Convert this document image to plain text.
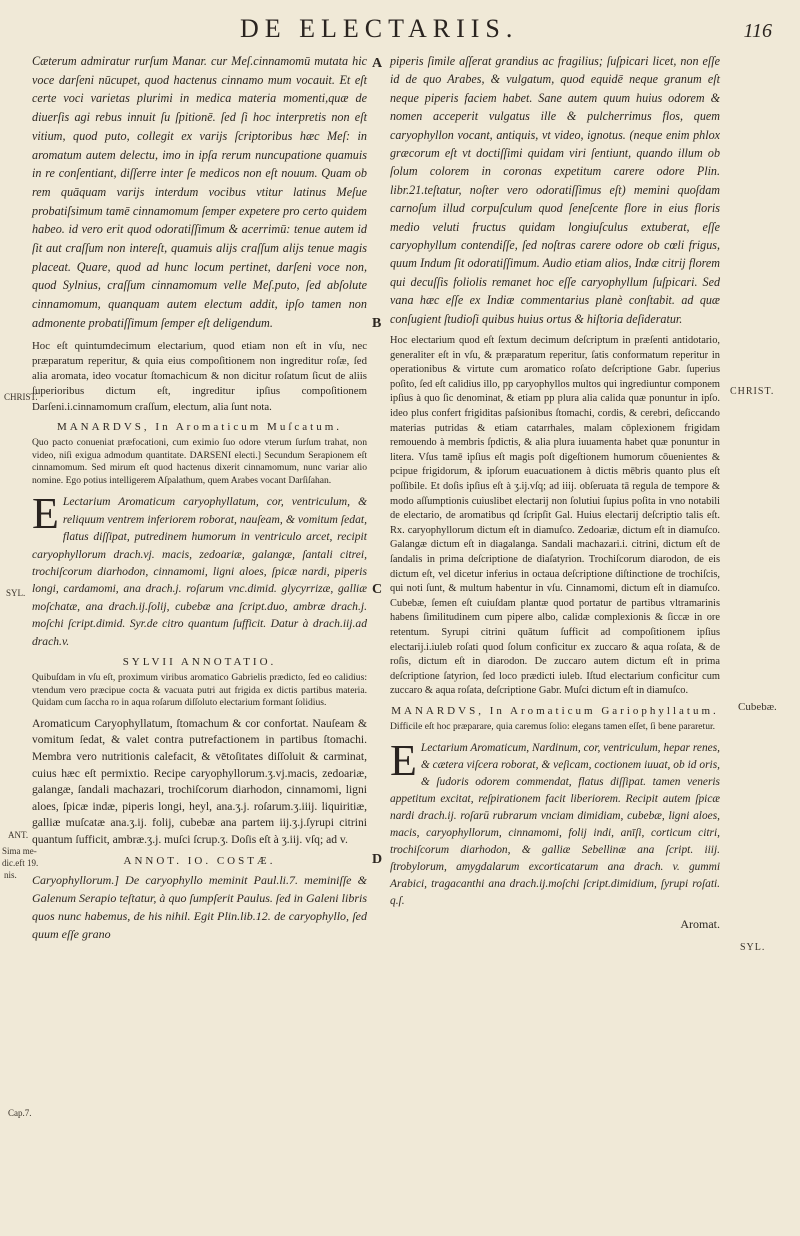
DE ELECTARIIS.	116
A
B
C
D
CHRIST.
SYL.
ANT.
Sima me-
dic.eft 19.
nis.
Cap.7.
CHRIST.
Cubebæ.
SYL.

Cæterum admiratur rurſum Manar. cur Meſ.cinnamomū mutata hic voce darſeni nūcupet, quod hactenus cinnamo mum vocauit. Et eſt certe voci varietas plurimi in medica materia momenti,quæ de diuerſis agi rebus innuit ſu ſpitionē. ſed ſi hoc interpretis non eſt vitium, quod puto, collegit ex varijs ſcriptoribus hæc Meſ: in aromatum autem delectu, imo in ipſa rerum nuncupatione quamuis in re conſentiant, diſſerre inter ſe medicos non eſt nouum. Quam ob rem quāquam varijs interdum vocibus vtitur latinus Meſue probatiſsimum tamē cinnamomum ſemper expetere pro certo quidem habeo. id vero erit quod odoratiſſimum & acerrimū: tenue autem id ſit aut craſſum non intereſt, quamuis alijs craſſum alijs tenue magis placeat. Quare, quod ad hunc locum pertinet, darſeni voce non, quod Sylnius, craſſum cinnamomum velle Meſ.puto, ſed abſolute cinnamomum, quanquam autem electum addit, ipſo tamen non admonente probatiſſimum ſemper eſt deligendum.

Hoc eſt quintumdecimum electarium, quod etiam non eſt in vſu, nec præparatum reperitur, & quia eius compoſitionem non ingreditur roſæ, ſed alia aromata, ideo vocatur ſtomachicum & non dicitur roſatum ſicut de aliis ſuperioribus dictum eſt, ingreditur ipſius compoſitionem Darſeni.i.cinnamomum craſſum, electum, alia ſunt nota.

MANARDVS, In Aromaticum Muſcatum.

Quo pacto conueniat præfocationi, cum eximio ſuo odore vterum ſurſum trahat, non video, niſi exigua admodum quantitate. DARSENI electi.] Secundum Serapionem eſt cinnamomum. Sed mirum eſt quod hactenus dixerit cinnamomum, nunc variar alio nomine. Ego potius intelligerem Aſpalathum, quem Arabes vocant Darſiſahan.

E Lectarium Aromaticum caryophyllatum, cor, ventriculum, & reliquum ventrem inferiorem roborat, nauſeam, & vomitum ſedat, flatus diſſipat, putredinem humorum in ventriculo arcet, recipit caryophyllorum drach.vj. macis, zedoariæ, galangæ, ſantali citrei, trochiſcorum diarhodon, cinnamomi, ligni aloes, ſpicæ nardi, piperis longi, cardamomi, ana drach.j. roſarum vnc.dimid. glycyrrizæ, galliæ moſchatæ, ana drach.ij.ſolij, cubebæ ana ſcript.duo, ambræ drach.j. moſchi ſcript.dimid. Syr.de citro quantum ſufficit. Datur à drach.iij.ad drach.v.

SYLVII ANNOTATIO.

Quibuſdam in vſu eſt, proximum viribus aromatico Gabrielis prædicto, ſed eo calidius: vtendum vero præcipue cocta & vacuata putri aut frigida ex dictis partibus materia. Quidam cum ſaccha ro in aqua roſarum diſſoluto electarium formant ſolidius.

Aromaticum Caryophyllatum, ſtomachum & cor confortat. Nauſeam & vomitum ſedat, & valet contra putrefactionem in partibus ſtomachi. Membra vero nutritionis calefacit, & vētoſitates diſſoluit & carminat, cuius hæc eſt permixtio. Recipe caryophyllorum.ʒ.vj.macis, zedoariæ, galangæ, ſandali machazari, trochiſcorum diarhodon, cinnamomi, ligni aloes, ſpicæ indæ, piperis longi, heyl, ana.ʒ.j. roſarum.ʒ.iiij. liquiritiæ, galliæ muſcatæ ana.ʒ.ij. folij, cubebæ ana partem iij.ʒ.j.ſyrupi citrini quantum ſufficit, ambræ.ʒ.j. muſci ſcrup.ʒ. Doſis eſt à ʒ.iij. vſq; ad v.

ANNOT. IO. COSTÆ.

Caryophyllorum.] De caryophyllo meminit Paul.li.7. meminiſſe & Galenum Serapio teſtatur, à quo ſumpſerit Paulus. ſed in Galeni libris quos nunc habemus, de his nihil. Egit Plin.lib.12. de caryophyllo, ſed quum eſſe grano

piperis ſimile aſſerat grandius ac fragilius; ſuſpicari licet, non eſſe id de quo Arabes, & vulgatum, quod equidē neque granum eſt neque piperis faciem habet. Sane autem quum huius odorem & nomen acceperit vulgatus ille & pulcherrimus flos, quem caryophyllon vocant, antiquis, vt video, ignotus. (neque enim phlox græcorum eſt vt doctiſſimi quidam viri ſentiunt, quando illum ob ſolum colorem in coronas expetitum carere odore Plin. libr.21.teſtatur, noſter vero odoratiſſimus eſt) memini quoſdam carnoſum illud corpuſculum quod ſeneſcente flore in eius floris medio veluti fructus quidam longiuſculus extuberat, eſſe caryophyllum contendiſſe, ſed noſtras carere odore ob cœli frigus, quum Indum ſit odoratiſſimum. Audio etiam alios, Indæ citrij florem qui decuſſis foliolis remanet hoc eſſe caryophyllum ſuſpicari. Sed vana hæc eſſe ex Indiæ commentarius planè conſtabit. ad quæ conſugient ſtudioſi quibus huius ortus & hiſtoria deſideratur.

Hoc electarium quod eſt ſextum decimum deſcriptum in præſenti antidotario, generaliter eſt in vſu, & præparatum reperitur, ſatis conformatum reperitur in operationibus & virtute cum aromatico roſato deſcriptione Gabr. ſuperius poſito, ſed eſt calidius illo, pp caryophyllos multos qui ingrediuntur componem ipſius à quo ſic denominat, & etiam pp plura alia calida quæ ponuntur in ipſo. ideo plus confert frigiditas paſsionibus ſtomachi, cordis, & cerebri, deſiccando materias putridas & etiam catarrhales, malam cōplexionem frigidam remouendo à membris ſpdictis, & alia plura iuuamenta habet quæ ponuntur in litera. Vſus tamē ipſius eſt magis poſt digeſtionem humorum cōuenientes & pcipue frigidorum, & ipſorum euacuationem à dictis mēbris quanto plus eſt poſſibile. Et doſis ipſius eſt à ʒ.ij.vſq; ad iiij. obſeruata tā regula de tempore & modo aſſumptionis cuiuslibet electarij non ſolutiui ſupius poſita in vno notabili de electario, de aromatibus qd ſcripſit Gal. Huius electarij deſcriptio talis eſt. Rx. caryophyllorum dictum eſt in diamuſco. Zedoariæ, dictum eſt in diamuſco. Galangæ dictum eſt in diagalanga. Sandali machazari.i. citrini, dictum eſt de ſandalis in prima deſcriptione de diaſatyrion. Trochiſcorum diarodon, de eis dictum eſt, vel dicetur inferius in octaua deſcriptione diſtinctione de trochiſcis, qui noti ſunt, & multum habentur in vſu. Cinnamomi, dictum eſt in diamuſco. Cubebæ, ſemen eſt cuiuſdam plantæ quod portatur de partibus vltramarinis habens ſimilitudinem cum pipere albo, calidæ complexionis & ſiccæ in ore retentum. Syrupi citrini quātum ſufficit ad compoſitionem ipſius electarij.i.iuleb roſati quod ſolum conficitur ex zuccaro & aqua roſata, & de roſis, dictum eſt in diarodon. De zuccaro autem dictum eſt in prima deſcriptione ſatyrion, ſed loco prædicti iuleb. Iſtud electarium conficitur cum zuccaro & aqua roſata, deſcriptione Gabr. Muſci dictum eſt in diamuſco.

MANARDVS, In Aromaticum Gariophyllatum.

Difficile eſt hoc præparare, quia caremus ſolio: elegans tamen eſſet, ſi bene pararetur.

E Lectarium Aromaticum, Nardinum, cor, ventriculum, hepar renes, & cætera viſcera roborat, & veſicam, coctionem iuuat, ob id oris, & ſudoris odorem commendat, flatus diſſipat. tamen veneris appetitum excitat, reſpirationem facit liberiorem. Recipit autem ſpicæ nardi drach.ij. roſarū rubrarum vnciam dimidiam, cubebæ, ligni aloes, macis, caryophyllorum, cinnamomi, folij indi, anīſi, corticum citri, trochiſcorum diarhodon, & galliæ Sebellinæ ana ſcript. iiij. ſtrobylorum, amygdalarum excorticatarum ana drach. v. gummi Arabici, tragacanthi ana drach.ij.moſchi ſcript.dimidium, ſyrupi roſati. q.ſ.

Aromat.
